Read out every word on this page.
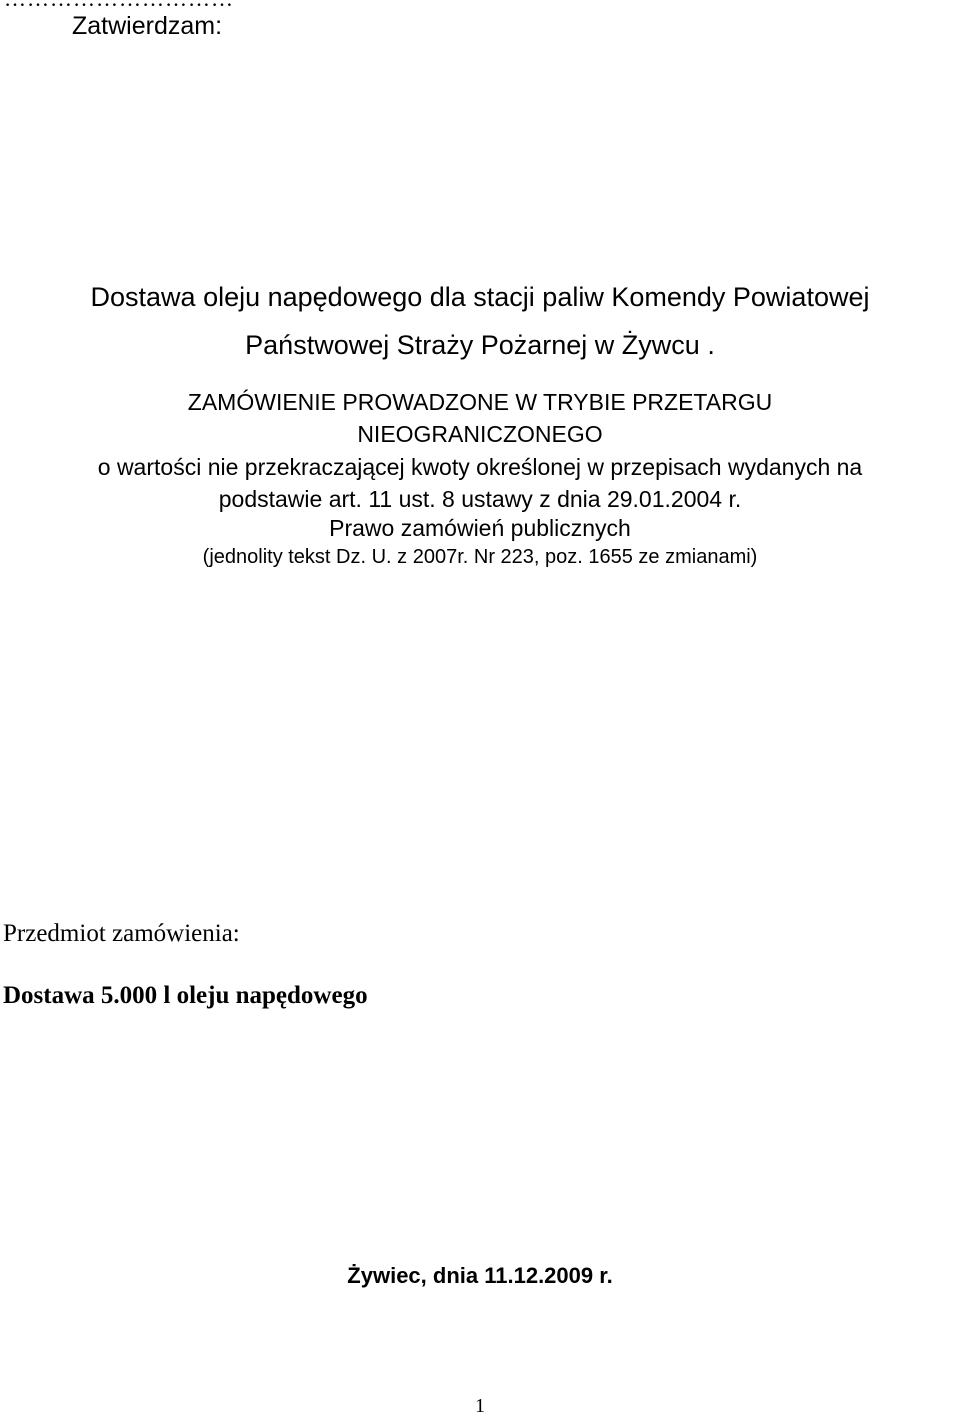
Zatwierdzam:
Dostawa oleju napędowego dla stacji paliw Komendy Powiatowej
Państwowej Straży Pożarnej w Żywcu .
ZAMÓWIENIE PROWADZONE W TRYBIE PRZETARGU
NIEOGRANICZONEGO
o wartości nie przekraczającej kwoty określonej w przepisach wydanych na
podstawie art. 11 ust. 8 ustawy z dnia 29.01.2004 r.
Prawo zamówień publicznych
(jednolity tekst Dz. U. z 2007r. Nr 223, poz. 1655 ze zmianami)
Przedmiot zamówienia:
Dostawa 5.000 l oleju napędowego
Żywiec, dnia 11.12.2009 r.
1
